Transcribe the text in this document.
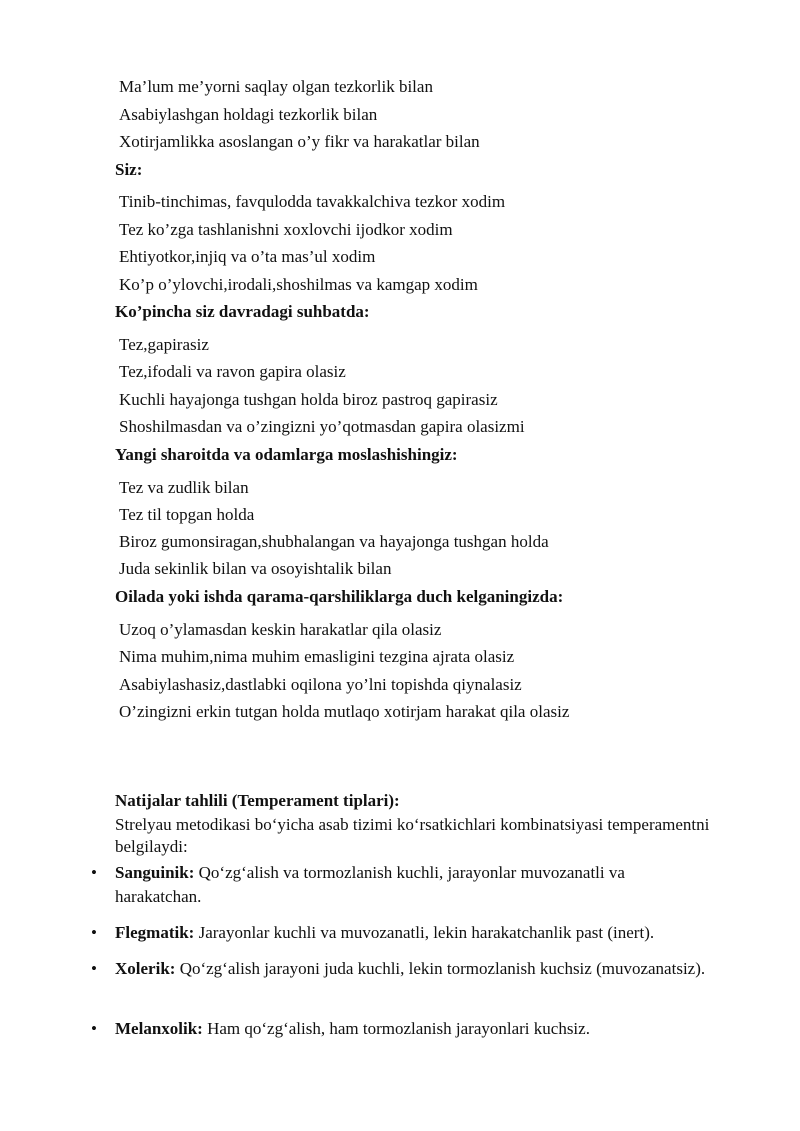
Ma’lum me’yorni saqlay olgan tezkorlik bilan
Asabiylashgan holdagi tezkorlik bilan
Xotirjamlikka asoslangan o’y fikr va harakatlar bilan
Siz:
Tinib-tinchimas, favqulodda tavakkalchiva tezkor xodim
Tez ko’zga tashlanishni xoxlovchi ijodkor xodim
Ehtiyotkor,injiq va o’ta mas’ul xodim
Ko’p o’ylovchi,irodali,shoshilmas va kamgap xodim
Ko’pincha siz davradagi suhbatda:
Tez,gapirasiz
Tez,ifodali va ravon gapira olasiz
Kuchli hayajonga tushgan holda biroz pastroq gapirasiz
Shoshilmasdan va o’zingizni yo’qotmasdan gapira olasizmi
Yangi sharoitda va odamlarga moslashishingiz:
Tez va zudlik bilan
Tez til topgan holda
Biroz gumonsiragan,shubhalangan va hayajonga tushgan holda
Juda sekinlik bilan va osoyishtalik bilan
Oilada yoki ishda qarama-qarshiliklarga duch kelganingizda:
Uzoq o’ylamasdan keskin harakatlar qila olasiz
Nima muhim,nima muhim emasligini tezgina ajrata olasiz
Asabiylashasiz,dastlabki oqilona yo’lni topishda qiynalasiz
O’zingizni erkin tutgan holda mutlaqo xotirjam harakat qila olasiz
Natijalar tahlili (Temperament tiplari):
Strelyau metodikasi bo‘yicha asab tizimi ko‘rsatkichlari kombinatsiyasi temperamentni belgilaydi:
• Sanguinik: Qo‘zg‘alish va tormozlanish kuchli, jarayonlar muvozanatli va harakatchan.
• Flegmatik: Jarayonlar kuchli va muvozanatli, lekin harakatchanlik past (inert).
• Xolerik: Qo‘zg‘alish jarayoni juda kuchli, lekin tormozlanish kuchsiz (muvozanatsiz).
• Melanxolik: Ham qo‘zg‘alish, ham tormozlanish jarayonlari kuchsiz.
